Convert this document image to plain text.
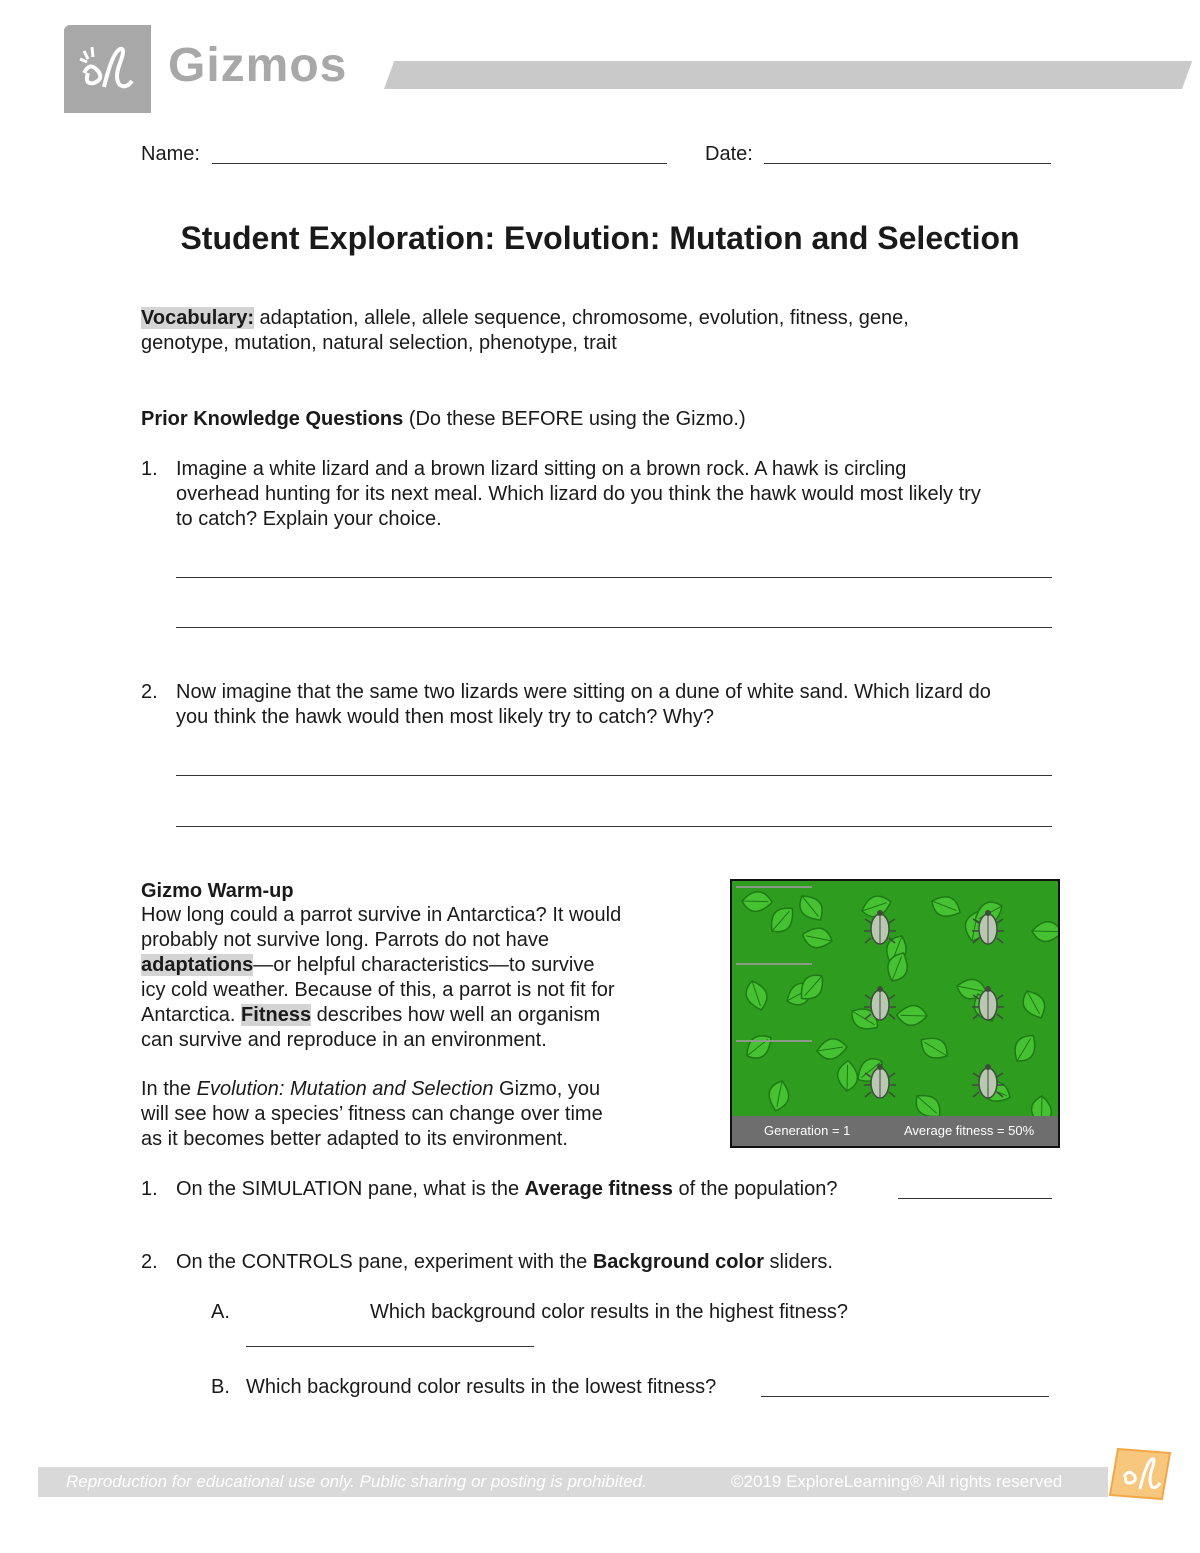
Gizmos
Name:	Date:
Student Exploration: Evolution: Mutation and Selection
Vocabulary: adaptation, allele, allele sequence, chromosome, evolution, fitness, gene,
genotype, mutation, natural selection, phenotype, trait
Prior Knowledge Questions (Do these BEFORE using the Gizmo.)
1. Imagine a white lizard and a brown lizard sitting on a brown rock. A hawk is circling
overhead hunting for its next meal. Which lizard do you think the hawk would most likely try
to catch? Explain your choice.
2. Now imagine that the same two lizards were sitting on a dune of white sand. Which lizard do
you think the hawk would then most likely try to catch? Why?
Gizmo Warm-up
How long could a parrot survive in Antarctica? It would
probably not survive long. Parrots do not have
adaptations—or helpful characteristics—to survive
icy cold weather. Because of this, a parrot is not fit for
Antarctica. Fitness describes how well an organism
can survive and reproduce in an environment.
In the Evolution: Mutation and Selection Gizmo, you
will see how a species’ fitness can change over time
as it becomes better adapted to its environment.	Generation = 1	Average fitness = 50%
1. On the SIMULATION pane, what is the Average fitness of the population?
2. On the CONTROLS pane, experiment with the Background color sliders.
A.	Which background color results in the highest fitness?
B. Which background color results in the lowest fitness?
Reproduction for educational use only. Public sharing or posting is prohibited.	©2019 ExploreLearning® All rights reserved
